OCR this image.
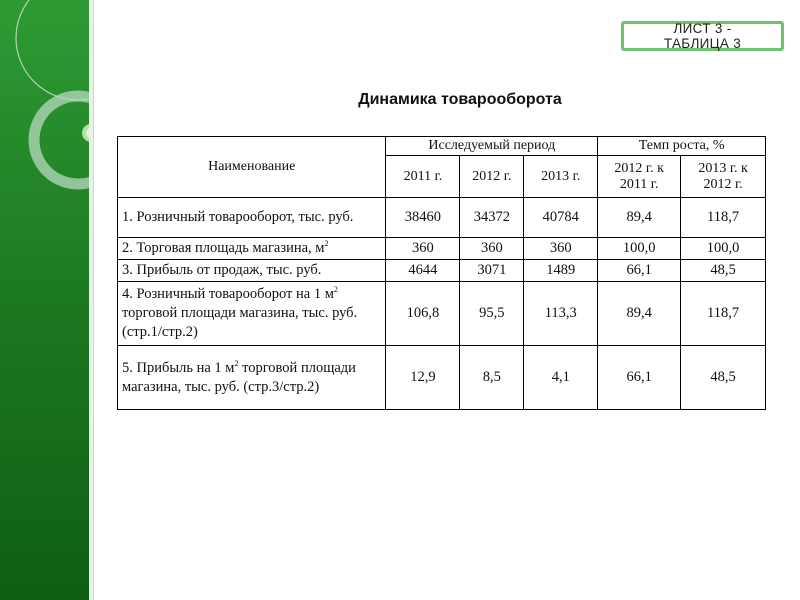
ЛИСТ 3 -
ТАБЛИЦА 3
Динамика товарооборота
Наименование	Исследуемый период			Темп роста, %	
	2011 г.	2012 г.	2013 г.	2012 г. к 2011 г.	2013 г. к 2012 г.
1. Розничный товарооборот, тыс. руб.	38460	34372	40784	89,4	118,7
2. Торговая площадь магазина, $м^2$	360	360	360	100,0	100,0
3. Прибыль от продаж, тыс. руб.	4644	3071	1489	66,1	48,5
4. Розничный товарооборот на 1 $м^2$ торговой площади магазина, тыс. руб. (стр.1/стр.2)	106,8	95,5	113,3	89,4	118,7
5. Прибыль на 1 $м^2$ торговой площади магазина, тыс. руб. (стр.3/стр.2)	12,9	8,5	4,1	66,1	48,5
